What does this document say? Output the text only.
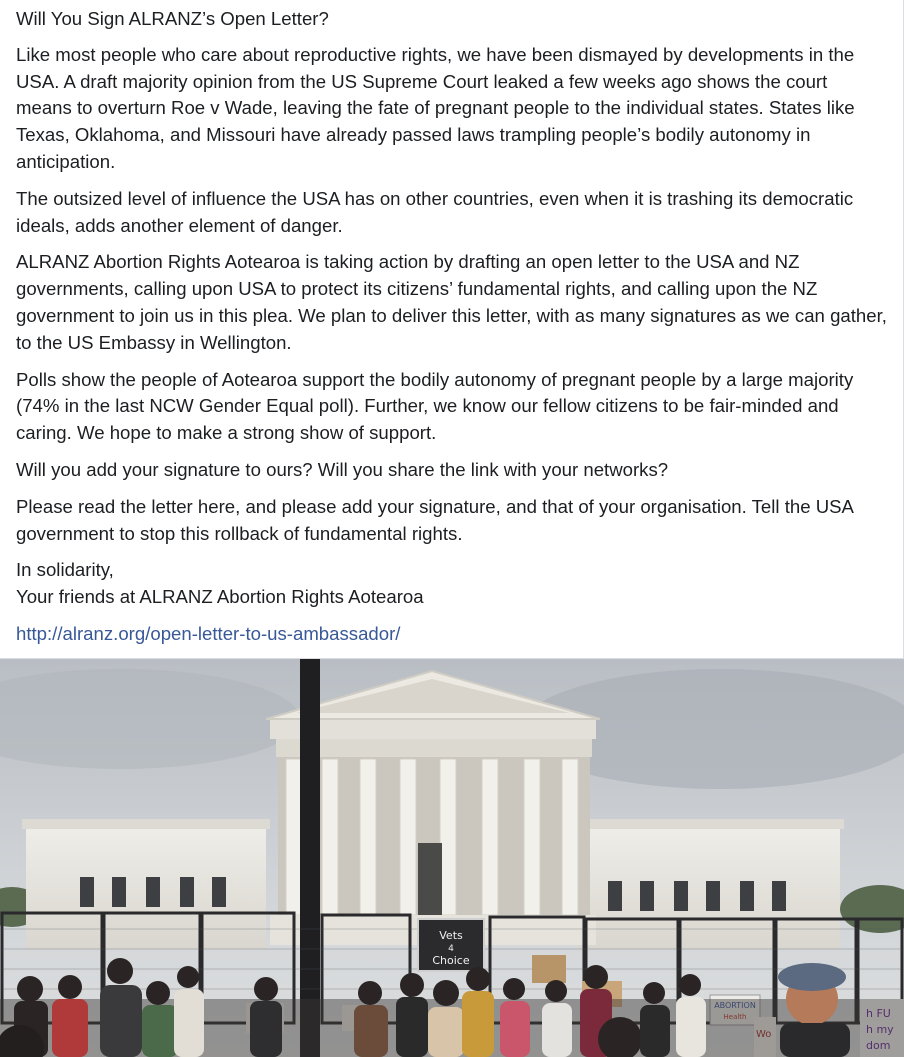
Will You Sign ALRANZ’s Open Letter?

Like most people who care about reproductive rights, we have been dismayed by developments in the USA. A draft majority opinion from the US Supreme Court leaked a few weeks ago shows the court means to overturn Roe v Wade, leaving the fate of pregnant people to the individual states. States like Texas, Oklahoma, and Missouri have already passed laws trampling people’s bodily autonomy in anticipation.

The outsized level of influence the USA has on other countries, even when it is trashing its democratic ideals, adds another element of danger.

ALRANZ Abortion Rights Aotearoa is taking action by drafting an open letter to the USA and NZ governments, calling upon USA to protect its citizens’ fundamental rights, and calling upon the NZ government to join us in this plea. We plan to deliver this letter, with as many signatures as we can gather, to the US Embassy in Wellington.

Polls show the people of Aotearoa support the bodily autonomy of pregnant people by a large majority (74% in the last NCW Gender Equal poll). Further, we know our fellow citizens to be fair-minded and caring. We hope to make a strong show of support.

Will you add your signature to ours? Will you share the link with your networks?

Please read the letter here, and please add your signature, and that of your organisation. Tell the USA government to stop this rollback of fundamental rights.

In solidarity,
Your friends at ALRANZ Abortion Rights Aotearoa

http://alranz.org/open-letter-to-us-ambassador/

Vets
4
Choice
ABORTION
Health	h FU
h my
dom
Wo
